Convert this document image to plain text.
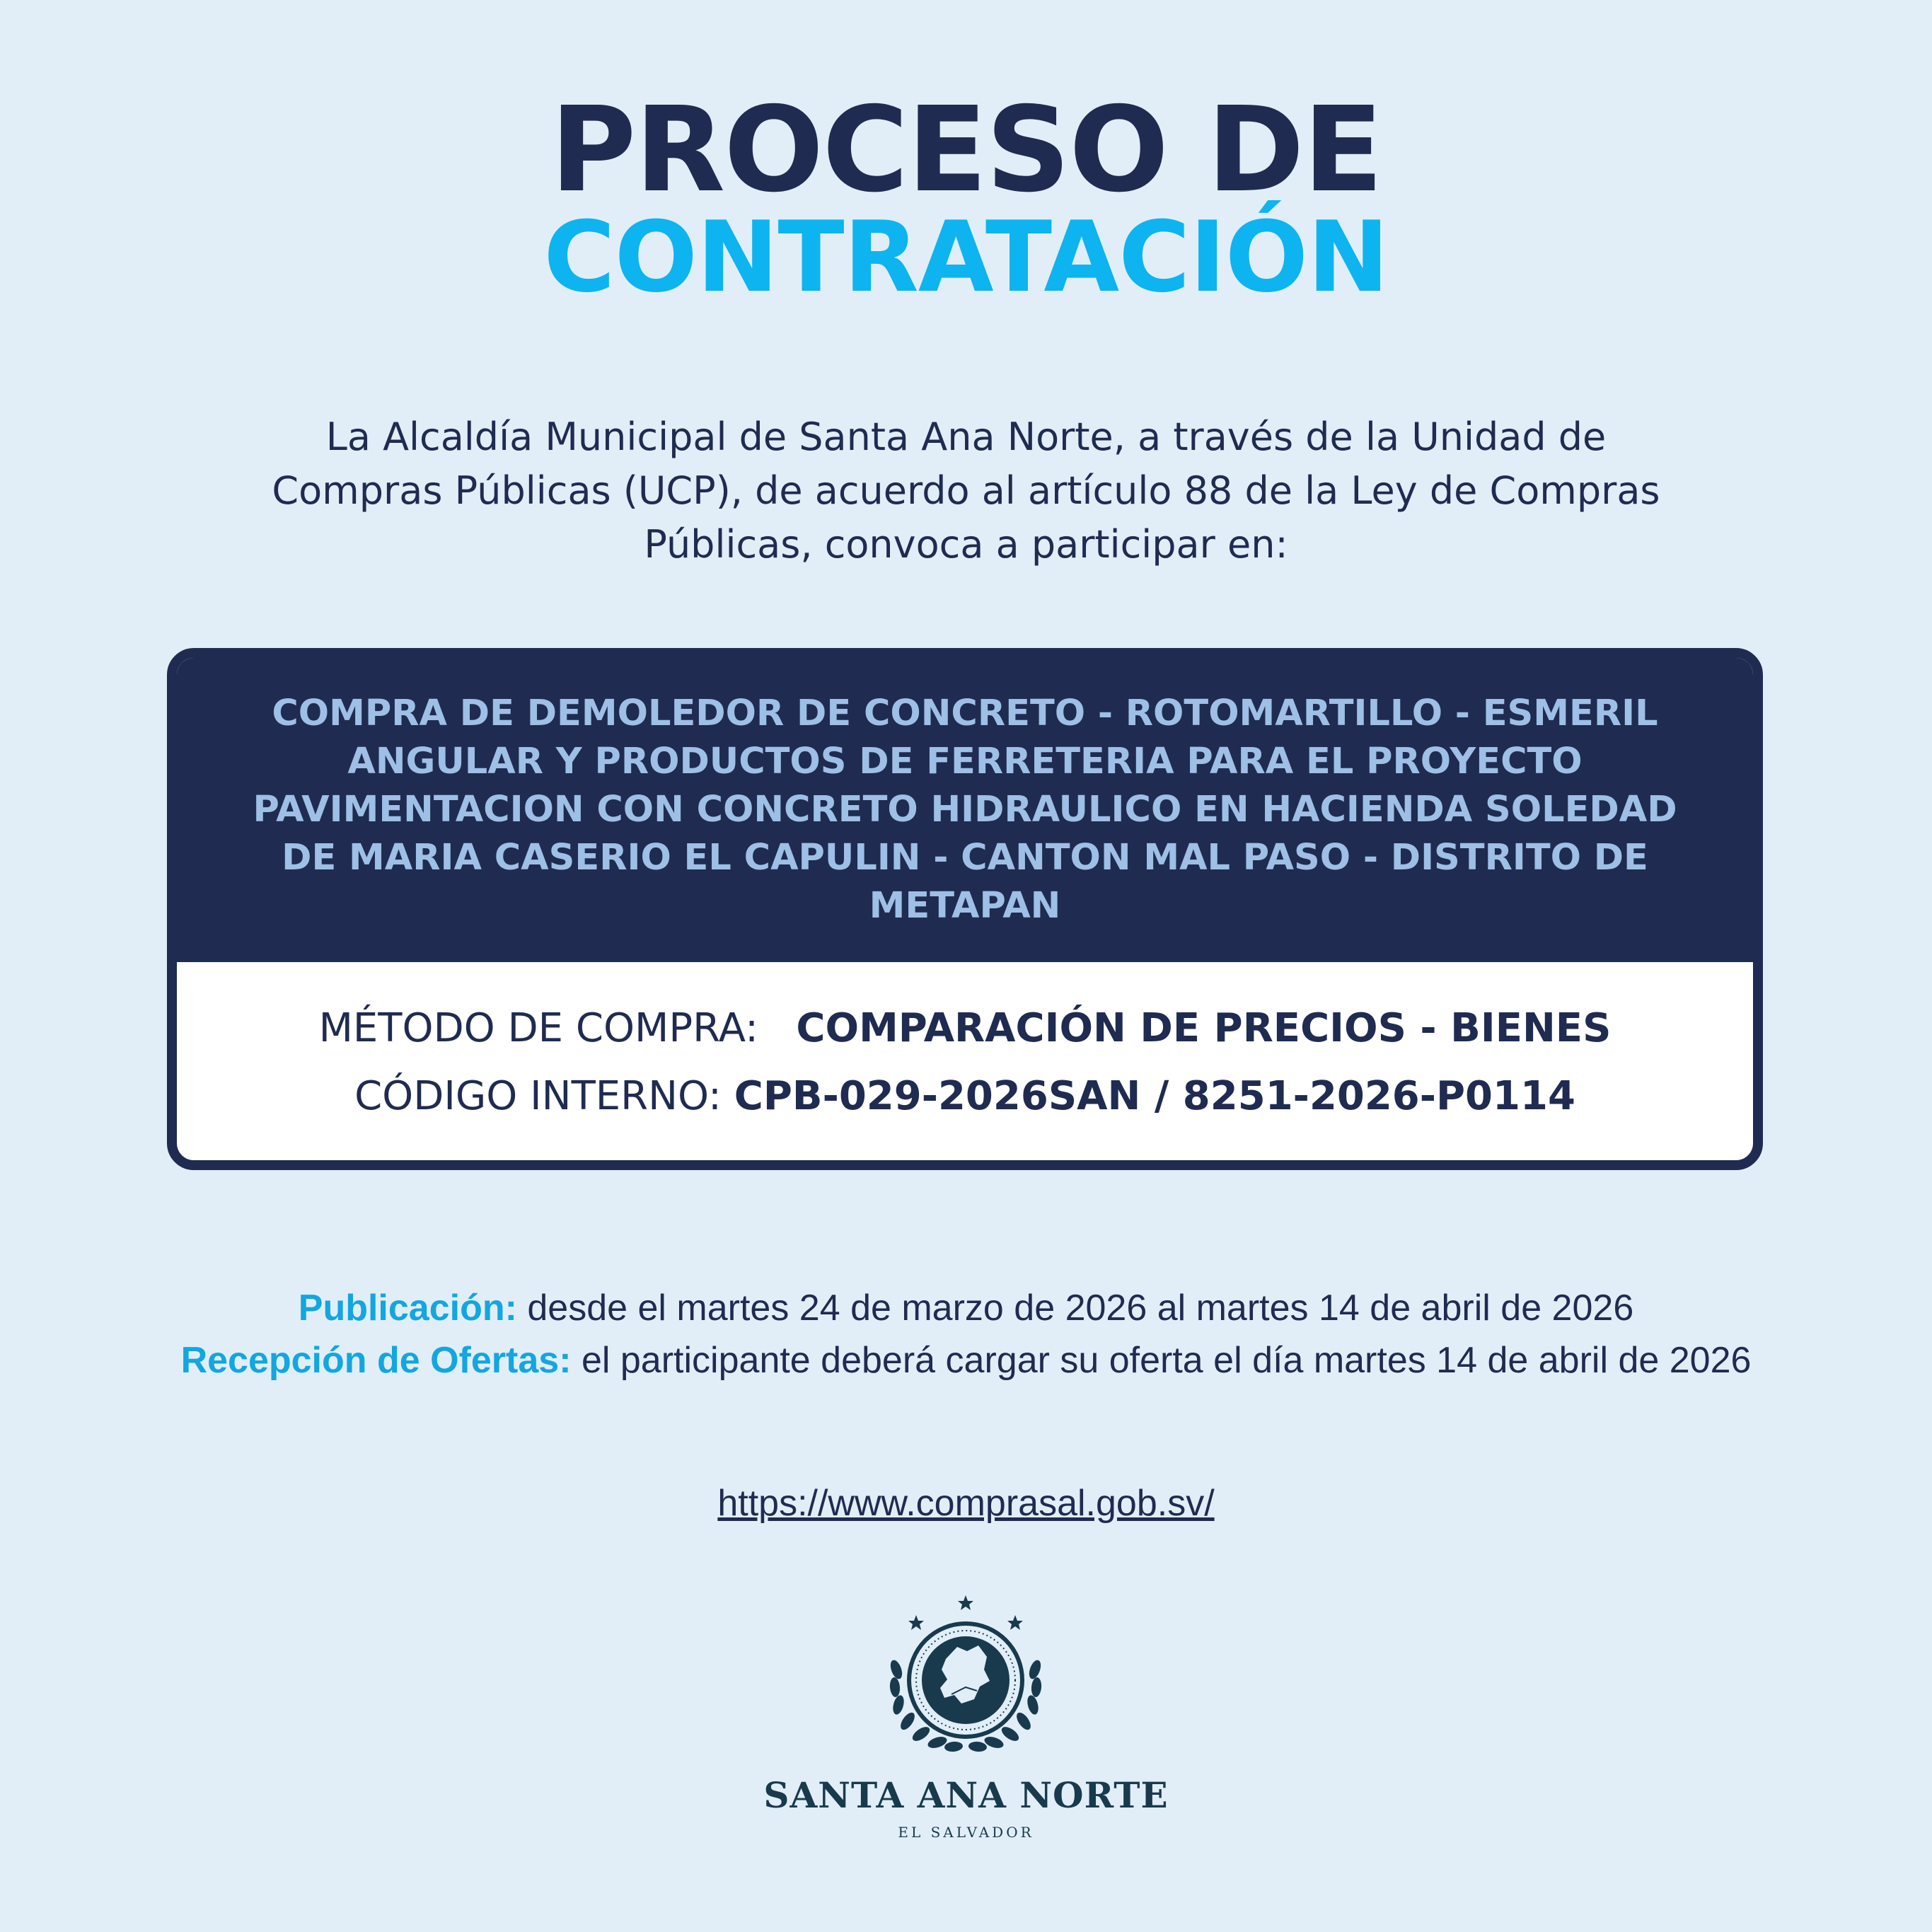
PROCESO DE
CONTRATACIÓN
La Alcaldía Municipal de Santa Ana Norte, a través de la Unidad de Compras Públicas (UCP), de acuerdo al artículo 88 de la Ley de Compras Públicas, convoca a participar en:
COMPRA DE DEMOLEDOR DE CONCRETO - ROTOMARTILLO - ESMERIL ANGULAR Y PRODUCTOS DE FERRETERIA PARA EL PROYECTO PAVIMENTACION CON CONCRETO HIDRAULICO EN HACIENDA SOLEDAD DE MARIA CASERIO EL CAPULIN - CANTON MAL PASO - DISTRITO DE METAPAN
MÉTODO DE COMPRA: COMPARACIÓN DE PRECIOS - BIENES
CÓDIGO INTERNO: CPB-029-2026SAN / 8251-2026-P0114
Publicación: desde el martes 24 de marzo de 2026 al martes 14 de abril de 2026
Recepción de Ofertas: el participante deberá cargar su oferta el día martes 14 de abril de 2026
https://www.comprasal.gob.sv/
SANTA ANA NORTE
EL SALVADOR
